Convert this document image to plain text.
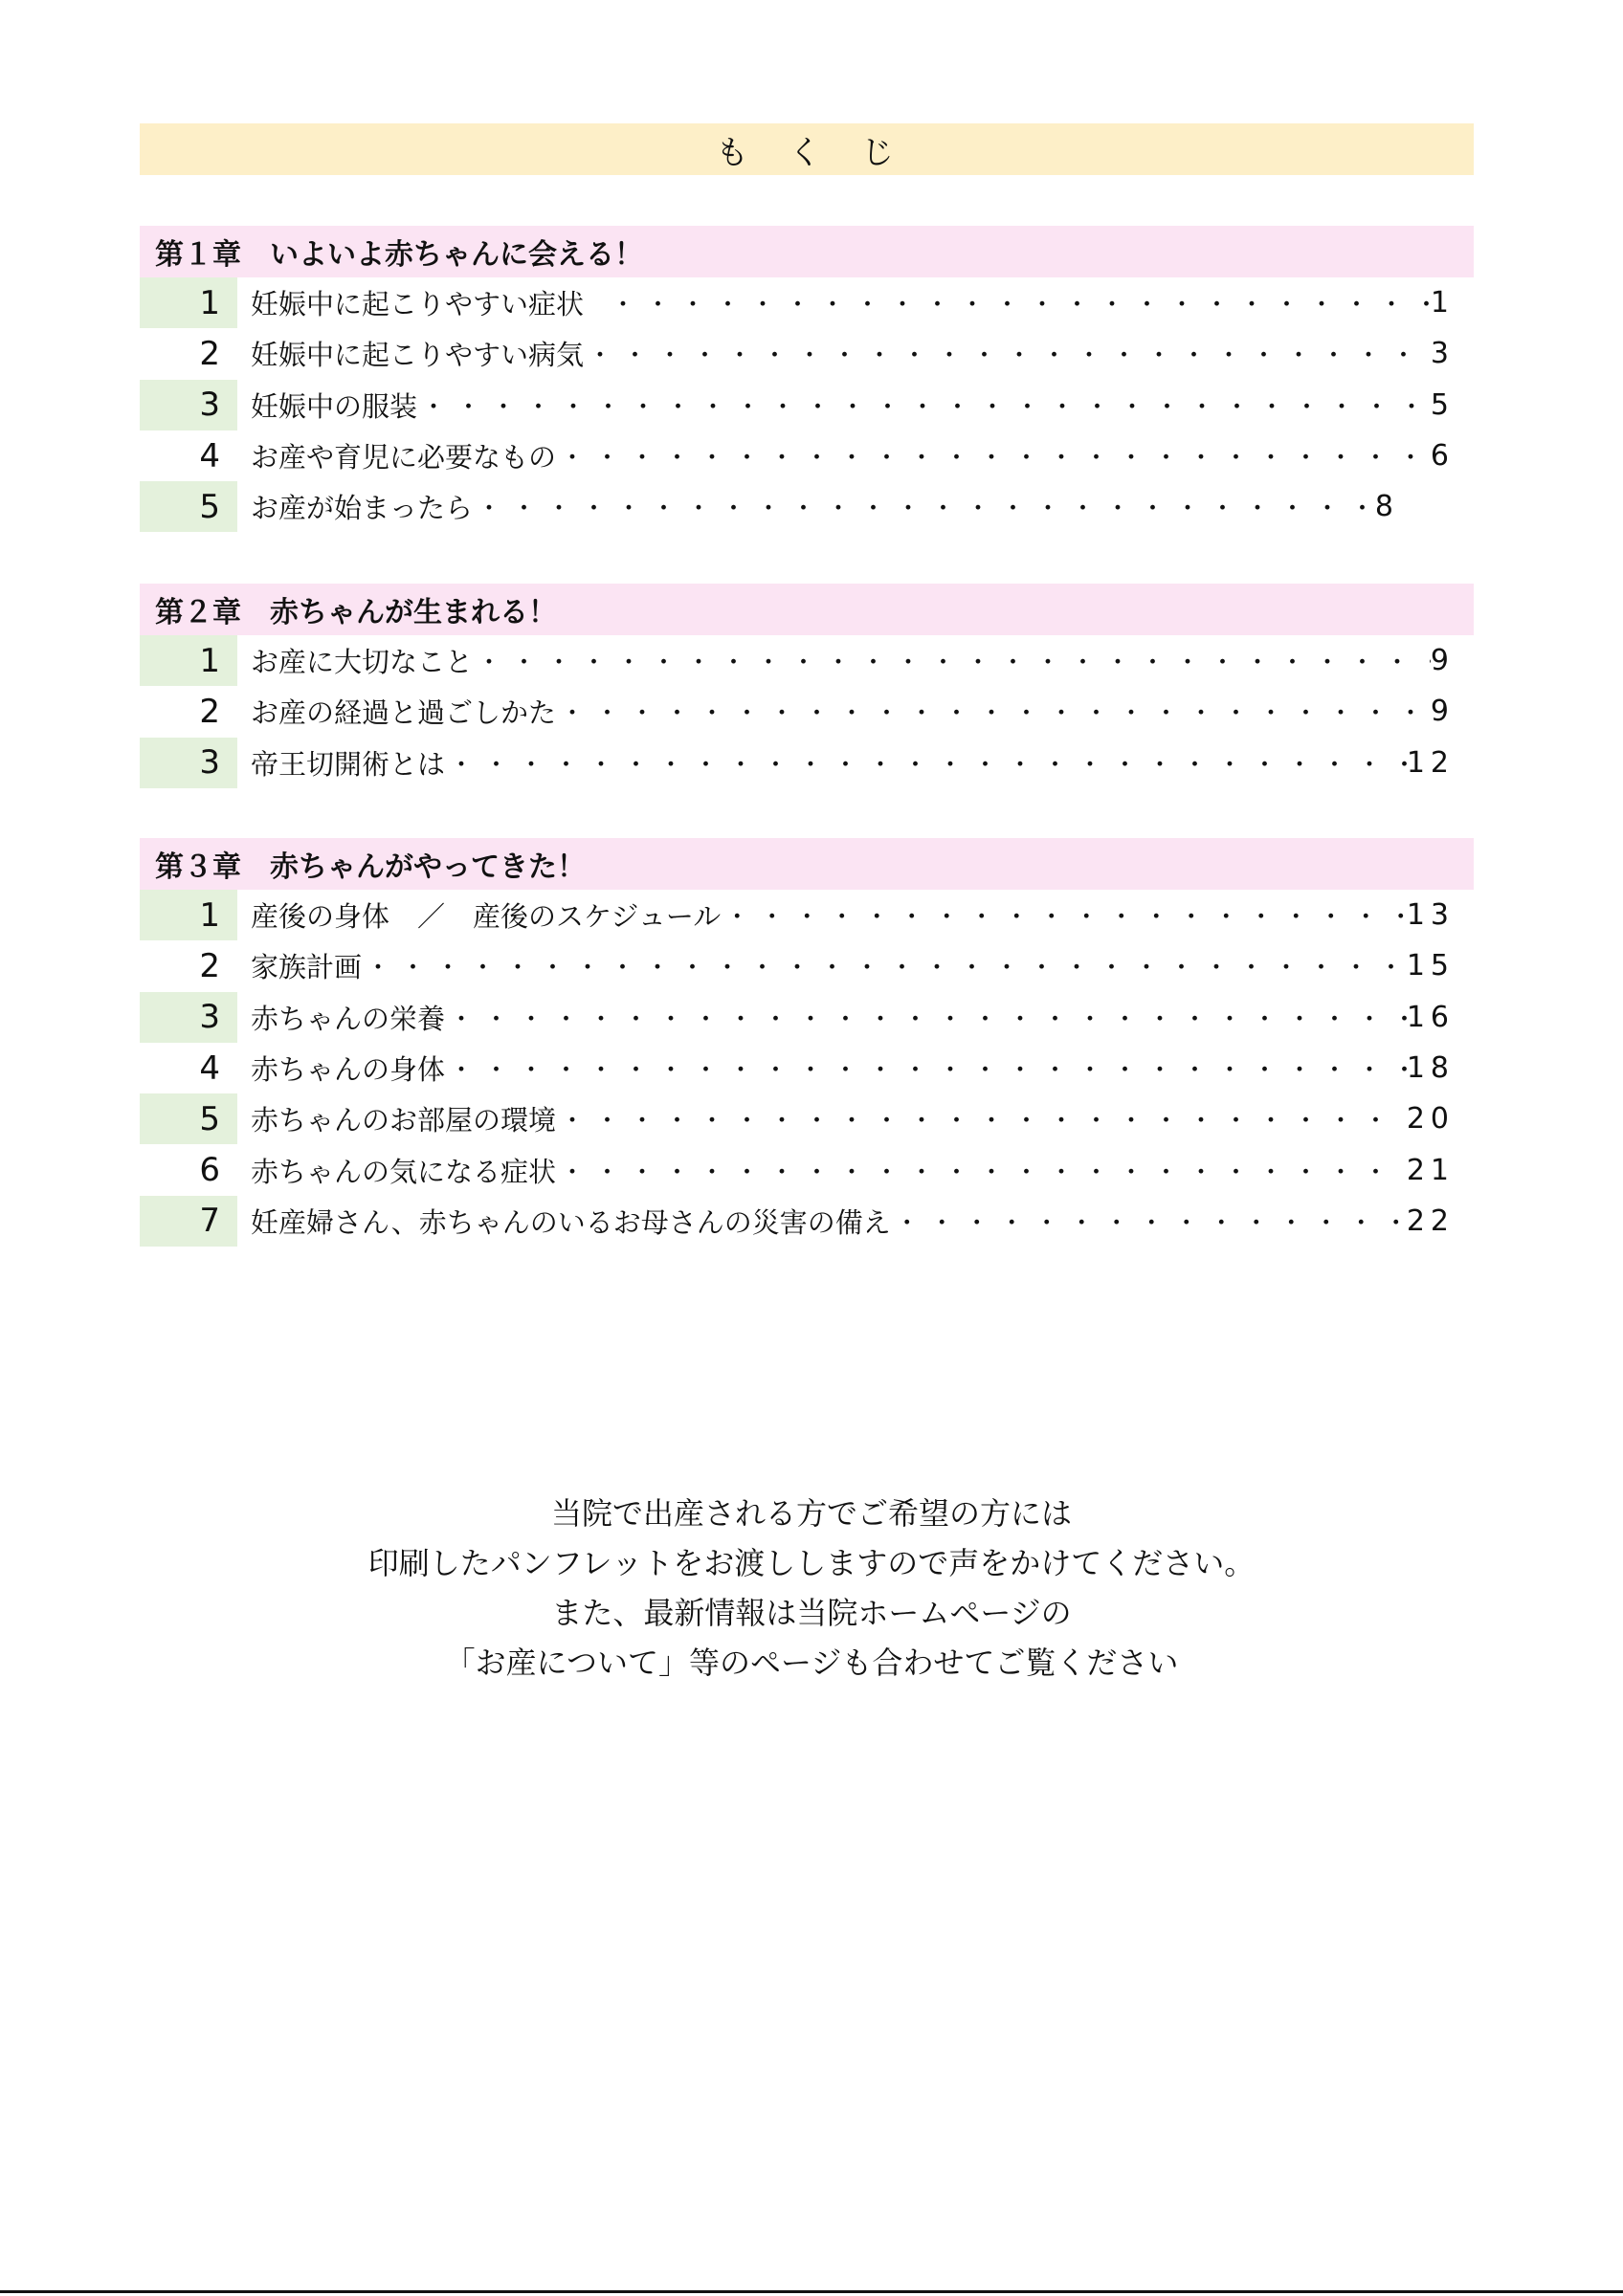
も　く　じ
第１章　いよいよ赤ちゃんに会える！
1	妊娠中に起こりやすい症状 ・・・・・・・・・・・・・・・・・・・・・・・・・・・・・・・・・・・・・・・・・・・・・・・・・・・・・・・・・・・・・・・・	1
2	妊娠中に起こりやすい病気 ・・・・・・・・・・・・・・・・・・・・・・・・・・・・・・・・・・・・・・・・・・・・・・・・・・・・・・・・・・・・・・・・	3
3	妊娠中の服装 ・・・・・・・・・・・・・・・・・・・・・・・・・・・・・・・・・・・・・・・・・・・・・・・・・・・・・・・・・・・・・・・・	5
4	お産や育児に必要なもの ・・・・・・・・・・・・・・・・・・・・・・・・・・・・・・・・・・・・・・・・・・・・・・・・・・・・・・・・・・・・・・・・	6
5	お産が始まったら ・・・・・・・・・・・・・・・・・・・・・・・・・・・・・・・・・・・・・・・・・・・・・・・・・・・・・・・・・・・・・・・・	8
第２章　赤ちゃんが生まれる！
1	お産に大切なこと ・・・・・・・・・・・・・・・・・・・・・・・・・・・・・・・・・・・・・・・・・・・・・・・・・・・・・・・・・・・・・・・・	9
2	お産の経過と過ごしかた ・・・・・・・・・・・・・・・・・・・・・・・・・・・・・・・・・・・・・・・・・・・・・・・・・・・・・・・・・・・・・・・・	9
3	帝王切開術とは ・・・・・・・・・・・・・・・・・・・・・・・・・・・・・・・・・・・・・・・・・・・・・・・・・・・・・・・・・・・・・・・・	12
第３章　赤ちゃんがやってきた！
1	産後の身体　／　産後のスケジュール ・・・・・・・・・・・・・・・・・・・・・・・・・・・・・・・・・・・・・・・・・・・・・・・・・・・・・・・・・・・・・・・・	13
2	家族計画 ・・・・・・・・・・・・・・・・・・・・・・・・・・・・・・・・・・・・・・・・・・・・・・・・・・・・・・・・・・・・・・・・	15
3	赤ちゃんの栄養 ・・・・・・・・・・・・・・・・・・・・・・・・・・・・・・・・・・・・・・・・・・・・・・・・・・・・・・・・・・・・・・・・	16
4	赤ちゃんの身体 ・・・・・・・・・・・・・・・・・・・・・・・・・・・・・・・・・・・・・・・・・・・・・・・・・・・・・・・・・・・・・・・・	18
5	赤ちゃんのお部屋の環境 ・・・・・・・・・・・・・・・・・・・・・・・・・・・・・・・・・・・・・・・・・・・・・・・・・・・・・・・・・・・・・・・・	20
6	赤ちゃんの気になる症状 ・・・・・・・・・・・・・・・・・・・・・・・・・・・・・・・・・・・・・・・・・・・・・・・・・・・・・・・・・・・・・・・・	21
7	妊産婦さん、赤ちゃんのいるお母さんの災害の備え ・・・・・・・・・・・・・・・・・・・・・・・・・・・・・・・・・・・・・・・・・・・・・・・・・・・・・・・・・・・・・・・・	22
当院で出産される方でご希望の方には
印刷したパンフレットをお渡ししますので声をかけてください。
また、最新情報は当院ホームページの
「お産について」等のページも合わせてご覧ください
